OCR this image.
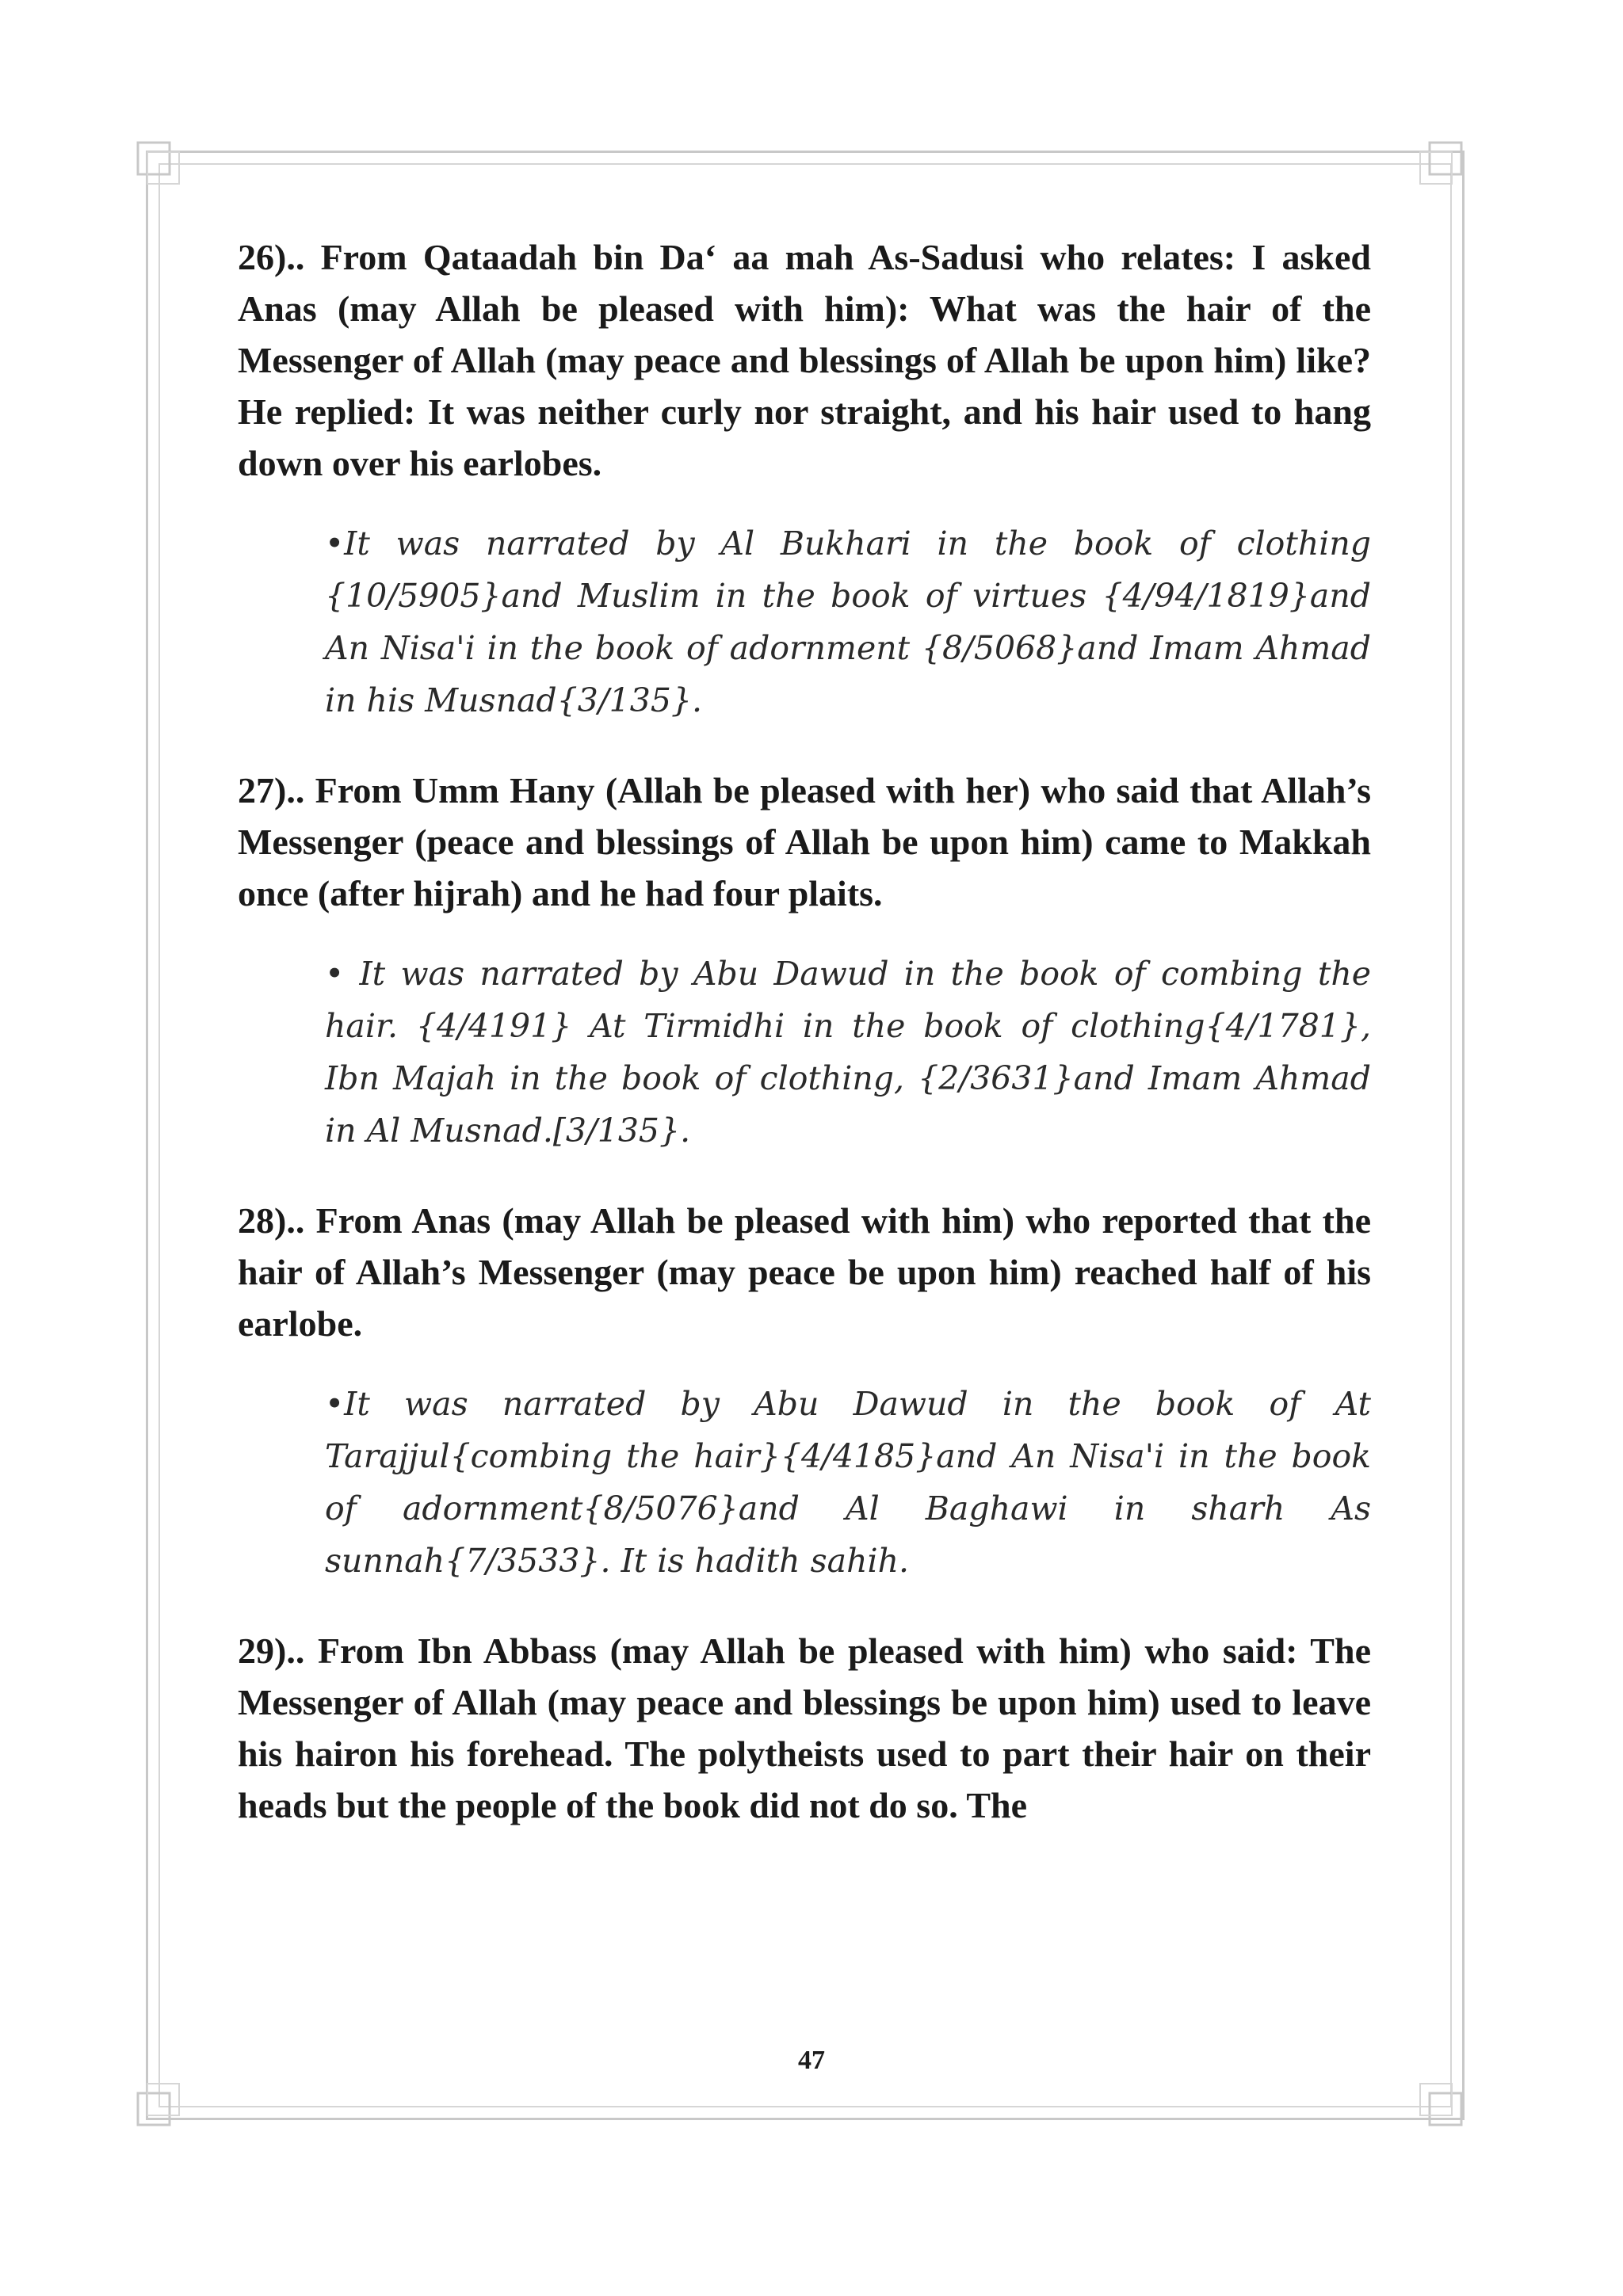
26).. From Qataadah bin Da‘ aa mah As-Sadusi who relates: I asked Anas (may Allah be pleased with him): What was the hair of the Messenger of Allah (may peace and blessings of Allah be upon him) like? He replied: It was neither curly nor straight, and his hair used to hang down over his earlobes.

•It was narrated by Al Bukhari in the book of clothing {10/5905}and Muslim in the book of virtues {4/94/1819}and An Nisa'i in the book of adornment {8/5068}and Imam Ahmad in his Musnad{3/135}.

27).. From Umm Hany (Allah be pleased with her) who said that Allah’s Messenger (peace and blessings of Allah be upon him) came to Makkah once (after hijrah) and he had four plaits.

• It was narrated by Abu Dawud in the book of combing the hair. {4/4191} At Tirmidhi in the book of clothing{4/1781}, Ibn Majah in the book of clothing, {2/3631}and Imam Ahmad in Al Musnad.[3/135}.

28).. From Anas (may Allah be pleased with him) who reported that the hair of Allah’s Messenger (may peace be upon him) reached half of his earlobe.

•It was narrated by Abu Dawud in the book of At Tarajjul{combing the hair}{4/4185}and An Nisa'i in the book of adornment{8/5076}and Al Baghawi in sharh As sunnah{7/3533}. It is hadith sahih.

29).. From Ibn Abbass (may Allah be pleased with him) who said: The Messenger of Allah (may peace and blessings be upon him) used to leave his hairon his forehead. The polytheists used to part their hair on their heads but the people of the book did not do so. The

47
